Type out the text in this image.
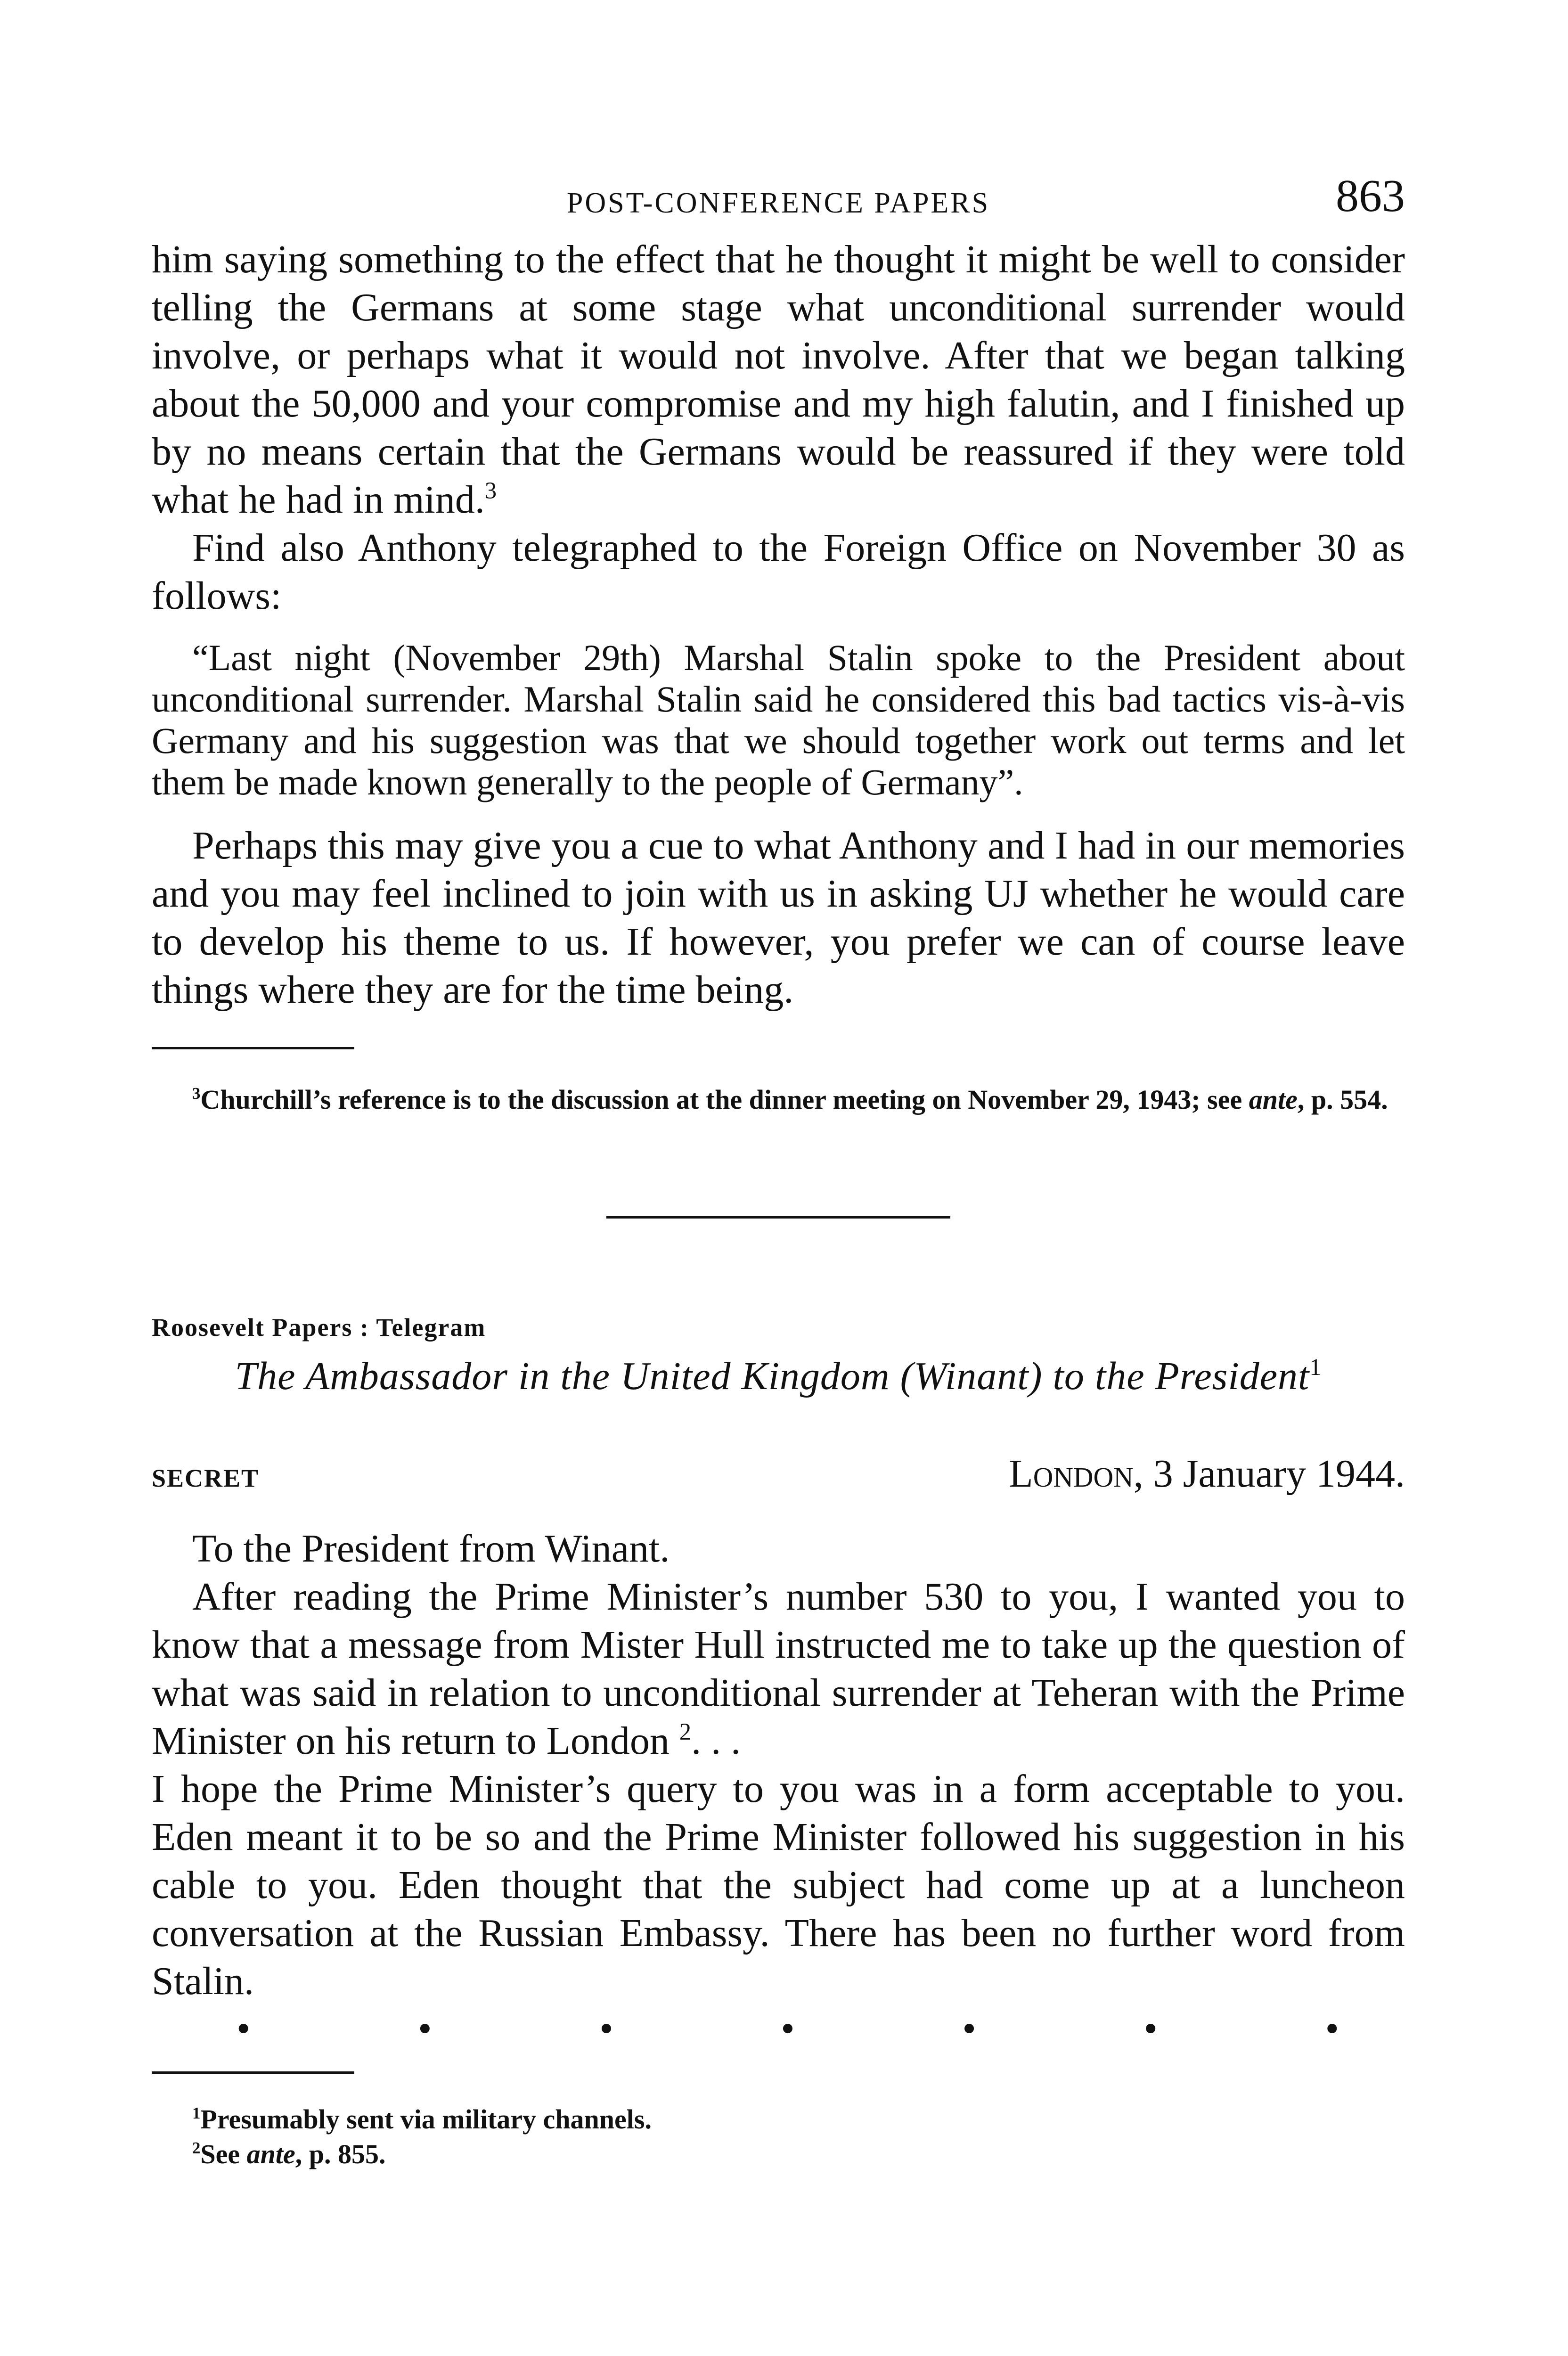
POST-CONFERENCE PAPERS	863

him saying something to the effect that he thought it might be well to consider telling the Germans at some stage what unconditional surrender would involve, or perhaps what it would not involve. After that we began talking about the 50,000 and your compromise and my high falutin, and I finished up by no means certain that the Germans would be reassured if they were told what he had in mind.$^3$

Find also Anthony telegraphed to the Foreign Office on November 30 as follows:

“Last night (November 29th) Marshal Stalin spoke to the President about unconditional surrender. Marshal Stalin said he considered this bad tactics vis-à-vis Germany and his suggestion was that we should together work out terms and let them be made known generally to the people of Germany”.

Perhaps this may give you a cue to what Anthony and I had in our memories and you may feel inclined to join with us in asking UJ whether he would care to develop his theme to us. If however, you prefer we can of course leave things where they are for the time being.

$^3$Churchill’s reference is to the discussion at the dinner meeting on November 29, 1943; see ante, p. 554.

Roosevelt Papers : Telegram
The Ambassador in the United Kingdom (Winant) to the President$^1$
SECRET	London, 3 January 1944.

To the President from Winant.

After reading the Prime Minister’s number 530 to you, I wanted you to know that a message from Mister Hull instructed me to take up the question of what was said in relation to unconditional surrender at Teheran with the Prime Minister on his return to London $^2$. . .

I hope the Prime Minister’s query to you was in a form acceptable to you. Eden meant it to be so and the Prime Minister followed his suggestion in his cable to you. Eden thought that the subject had come up at a luncheon conversation at the Russian Embassy. There has been no further word from Stalin.

•	•	•	•	•	•	•

$^1$Presumably sent via military channels.

$^2$See ante, p. 855.
